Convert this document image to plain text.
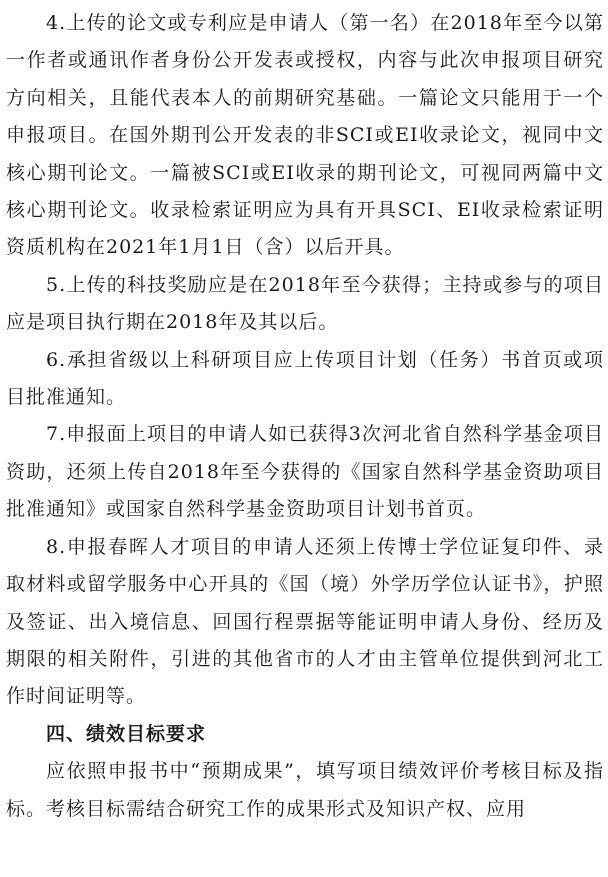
4.上传的论文或专利应是申请人（第一名）在2018年至今以第一作者或通讯作者身份公开发表或授权，内容与此次申报项目研究方向相关，且能代表本人的前期研究基础。一篇论文只能用于一个申报项目。在国外期刊公开发表的非SCI或EI收录论文，视同中文核心期刊论文。一篇被SCI或EI收录的期刊论文，可视同两篇中文核心期刊论文。收录检索证明应为具有开具SCI、EI收录检索证明资质机构在2021年1月1日（含）以后开具。

5.上传的科技奖励应是在2018年至今获得；主持或参与的项目应是项目执行期在2018年及其以后。

6.承担省级以上科研项目应上传项目计划（任务）书首页或项目批准通知。

7.申报面上项目的申请人如已获得3次河北省自然科学基金项目资助，还须上传自2018年至今获得的《国家自然科学基金资助项目批准通知》或国家自然科学基金资助项目计划书首页。

8.申报春晖人才项目的申请人还须上传博士学位证复印件、录取材料或留学服务中心开具的《国（境）外学历学位认证书》，护照及签证、出入境信息、回国行程票据等能证明申请人身份、经历及期限的相关附件，引进的其他省市的人才由主管单位提供到河北工作时间证明等。

四、绩效目标要求

应依照申报书中“预期成果”，填写项目绩效评价考核目标及指标。考核目标需结合研究工作的成果形式及知识产权、应用
